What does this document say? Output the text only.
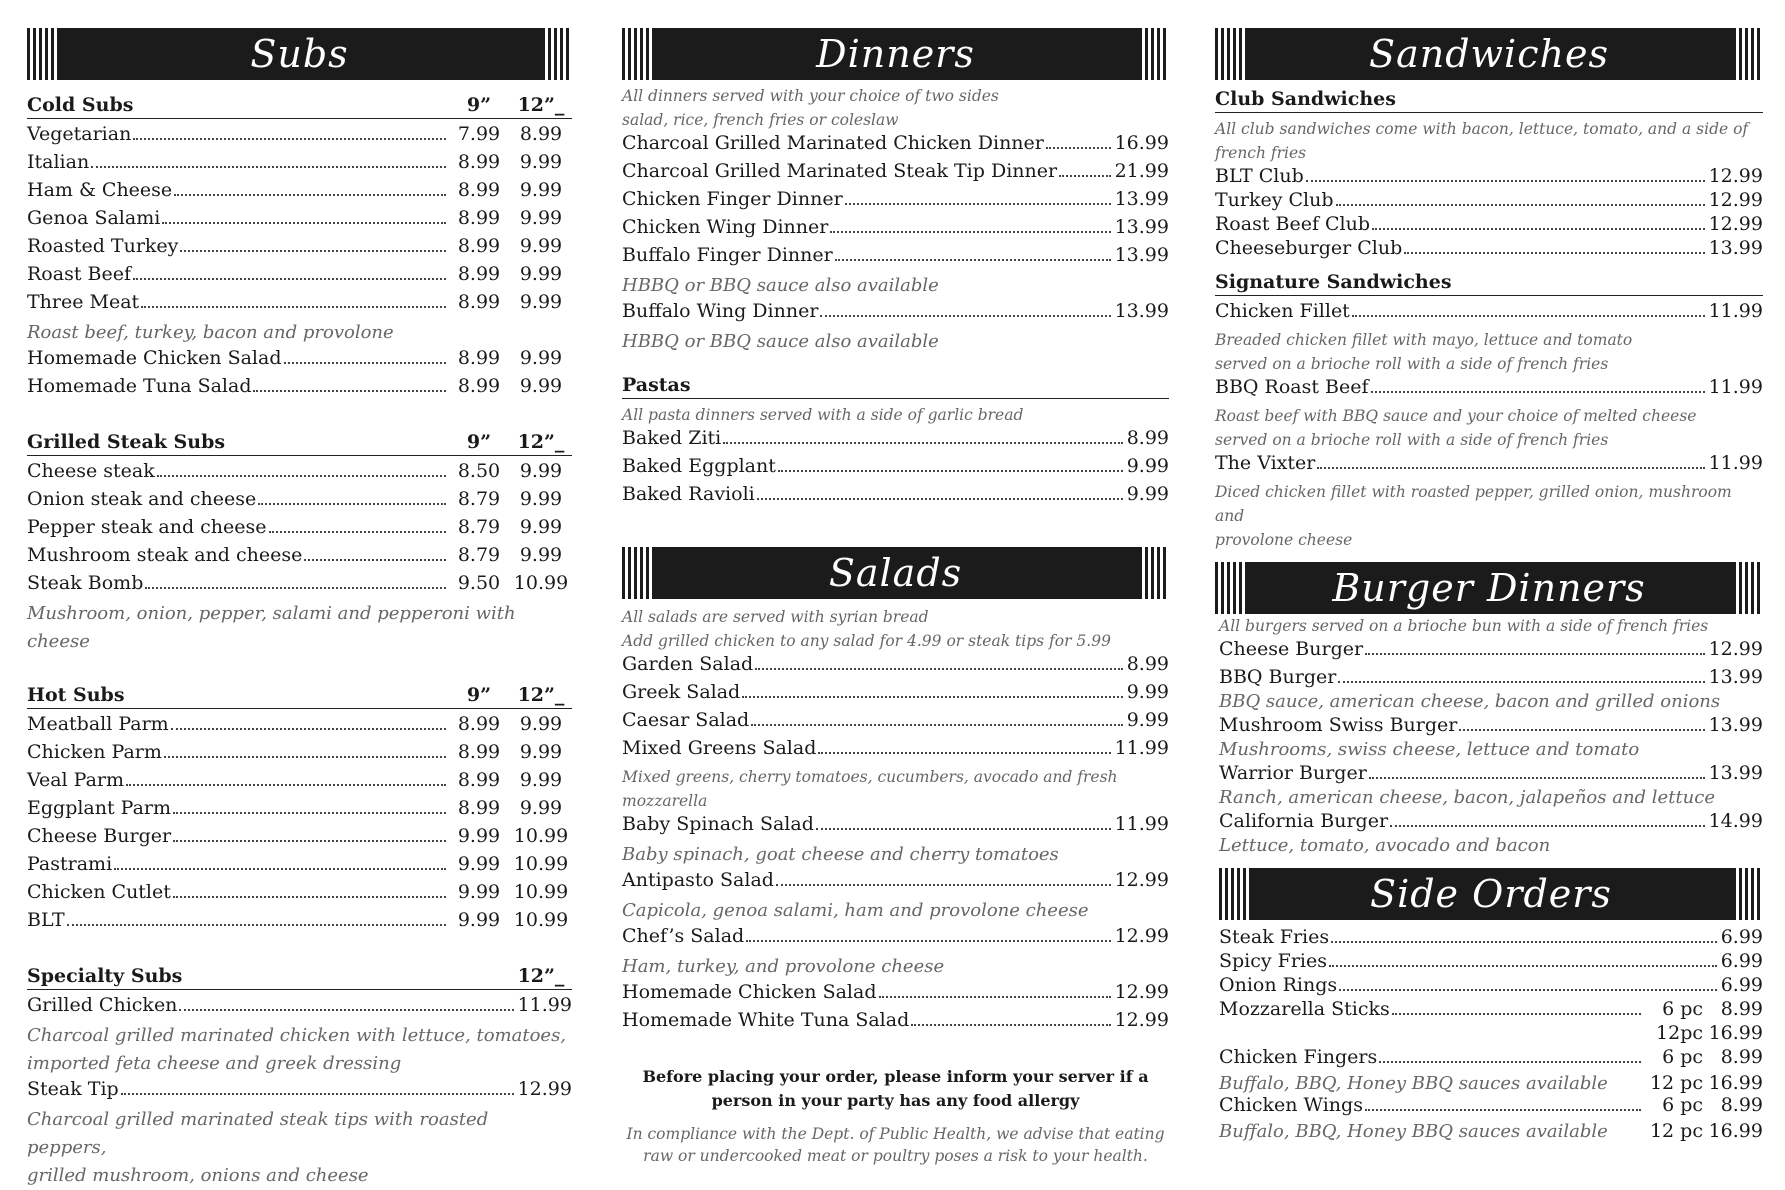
Subs
Cold Subs	9”	12”_
Vegetarian	7.99	8.99
Italian	8.99	9.99
Ham & Cheese	8.99	9.99
Genoa Salami	8.99	9.99
Roasted Turkey	8.99	9.99
Roast Beef	8.99	9.99
Three Meat	8.99	9.99
Roast beef, turkey, bacon and provolone
Homemade Chicken Salad	8.99	9.99
Homemade Tuna Salad	8.99	9.99
Grilled Steak Subs	9”	12”_
Cheese steak	8.50	9.99
Onion steak and cheese	8.79	9.99
Pepper steak and cheese	8.79	9.99
Mushroom steak and cheese	8.79	9.99
Steak Bomb	9.50 10.99
Mushroom, onion, pepper, salami and pepperoni with cheese
Hot Subs	9”	12”_
Meatball Parm	8.99	9.99
Chicken Parm	8.99	9.99
Veal Parm	8.99	9.99
Eggplant Parm	8.99	9.99
Cheese Burger	9.99 10.99
Pastrami	9.99 10.99
Chicken Cutlet	9.99 10.99
BLT	9.99 10.99
Specialty Subs	12”_
Grilled Chicken	11.99
Charcoal grilled marinated chicken with lettuce, tomatoes,
imported feta cheese and greek dressing
Steak Tip	12.99
Charcoal grilled marinated steak tips with roasted peppers,
grilled mushroom, onions and cheese
Dinners
All dinners served with your choice of two sides
salad, rice, french fries or coleslaw
Charcoal Grilled Marinated Chicken Dinner	16.99
Charcoal Grilled Marinated Steak Tip Dinner	21.99
Chicken Finger Dinner	13.99
Chicken Wing Dinner	13.99
Buffalo Finger Dinner	13.99
HBBQ or BBQ sauce also available
Buffalo Wing Dinner	13.99
HBBQ or BBQ sauce also available
Pastas
All pasta dinners served with a side of garlic bread
Baked Ziti	8.99
Baked Eggplant	9.99
Baked Ravioli	9.99
Salads
All salads are served with syrian bread
Add grilled chicken to any salad for 4.99 or steak tips for 5.99
Garden Salad	8.99
Greek Salad	9.99
Caesar Salad	9.99
Mixed Greens Salad	11.99
Mixed greens, cherry tomatoes, cucumbers, avocado and fresh mozzarella
Baby Spinach Salad	11.99
Baby spinach, goat cheese and cherry tomatoes
Antipasto Salad	12.99
Capicola, genoa salami, ham and provolone cheese
Chef’s Salad	12.99
Ham, turkey, and provolone cheese
Homemade Chicken Salad	12.99
Homemade White Tuna Salad	12.99
Before placing your order, please inform your server if a person in your party has any food allergy
In compliance with the Dept. of Public Health, we advise that eating raw or undercooked meat or poultry poses a risk to your health.
Sandwiches
Club Sandwiches
All club sandwiches come with bacon, lettuce, tomato, and a side of french fries
BLT Club	12.99
Turkey Club	12.99
Roast Beef Club	12.99
Cheeseburger Club	13.99
Signature Sandwiches
Chicken Fillet	11.99
Breaded chicken fillet with mayo, lettuce and tomato
served on a brioche roll with a side of french fries
BBQ Roast Beef	11.99
Roast beef with BBQ sauce and your choice of melted cheese
served on a brioche roll with a side of french fries
The Vixter	11.99
Diced chicken fillet with roasted pepper, grilled onion, mushroom and
provolone cheese
Burger Dinners
All burgers served on a brioche bun with a side of french fries
Cheese Burger	12.99
BBQ Burger	13.99
BBQ sauce, american cheese, bacon and grilled onions
Mushroom Swiss Burger	13.99
Mushrooms, swiss cheese, lettuce and tomato
Warrior Burger	13.99
Ranch, american cheese, bacon, jalapeños and lettuce
California Burger	14.99
Lettuce, tomato, avocado and bacon
Side Orders
Steak Fries	6.99
Spicy Fries	6.99
Onion Rings	6.99
Mozzarella Sticks	6 pc 8.99
12pc 16.99
Chicken Fingers	6 pc 8.99
Buffalo, BBQ, Honey BBQ sauces available	12 pc 16.99
Chicken Wings	6 pc 8.99
Buffalo, BBQ, Honey BBQ sauces available	12 pc 16.99
